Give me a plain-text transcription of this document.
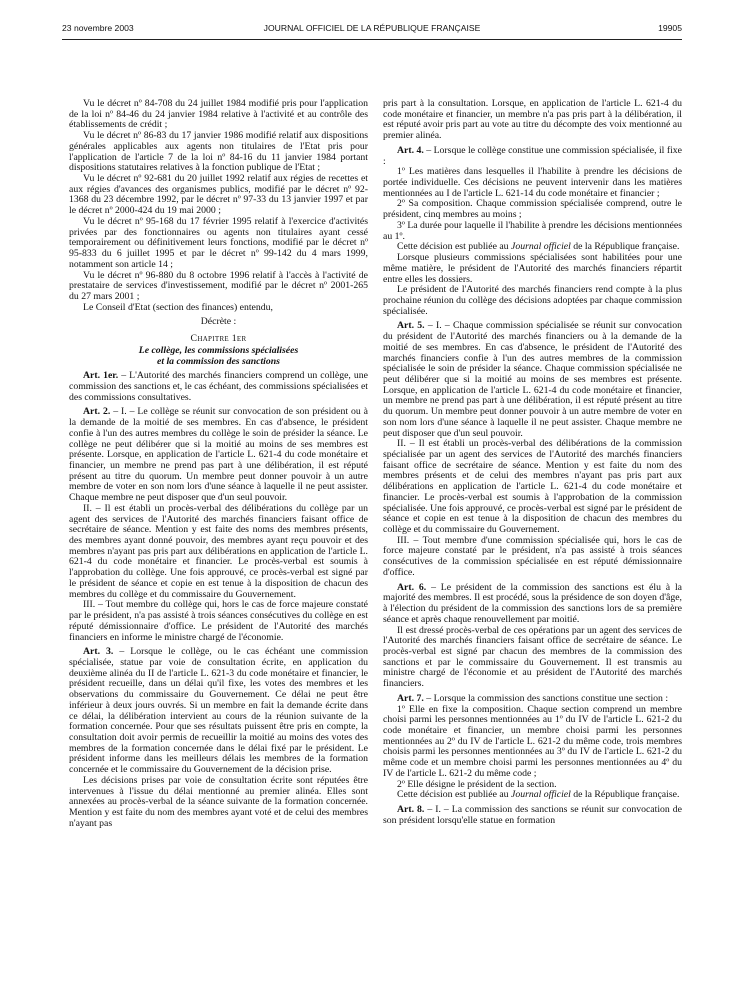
23 novembre 2003	JOURNAL OFFICIEL DE LA RÉPUBLIQUE FRANÇAISE	19905

Vu le décret nº 84-708 du 24 juillet 1984 modifié pris pour l'application de la loi nº 84-46 du 24 janvier 1984 relative à l'activité et au contrôle des établissements de crédit ;

Vu le décret nº 86-83 du 17 janvier 1986 modifié relatif aux dispositions générales applicables aux agents non titulaires de l'Etat pris pour l'application de l'article 7 de la loi nº 84-16 du 11 janvier 1984 portant dispositions statutaires relatives à la fonction publique de l'Etat ;

Vu le décret nº 92-681 du 20 juillet 1992 relatif aux régies de recettes et aux régies d'avances des organismes publics, modifié par le décret nº 92-1368 du 23 décembre 1992, par le décret nº 97-33 du 13 janvier 1997 et par le décret nº 2000-424 du 19 mai 2000 ;

Vu le décret nº 95-168 du 17 février 1995 relatif à l'exercice d'activités privées par des fonctionnaires ou agents non titulaires ayant cessé temporairement ou définitivement leurs fonctions, modifié par le décret nº 95-833 du 6 juillet 1995 et par le décret nº 99-142 du 4 mars 1999, notamment son article 14 ;

Vu le décret nº 96-880 du 8 octobre 1996 relatif à l'accès à l'activité de prestataire de services d'investissement, modifié par le décret nº 2001-265 du 27 mars 2001 ;

Le Conseil d'Etat (section des finances) entendu,

Décrète :

Chapitre 1er

Le collège, les commissions spécialisées
et la commission des sanctions

Art. 1er. – L'Autorité des marchés financiers comprend un collège, une commission des sanctions et, le cas échéant, des commissions spécialisées et des commissions consultatives.

Art. 2. – I. – Le collège se réunit sur convocation de son président ou à la demande de la moitié de ses membres. En cas d'absence, le président confie à l'un des autres membres du collège le soin de présider la séance. Le collège ne peut délibérer que si la moitié au moins de ses membres est présente. Lorsque, en application de l'article L. 621-4 du code monétaire et financier, un membre ne prend pas part à une délibération, il est réputé présent au titre du quorum. Un membre peut donner pouvoir à un autre membre de voter en son nom lors d'une séance à laquelle il ne peut assister. Chaque membre ne peut disposer que d'un seul pouvoir.

II. – Il est établi un procès-verbal des délibérations du collège par un agent des services de l'Autorité des marchés financiers faisant office de secrétaire de séance. Mention y est faite des noms des membres présents, des membres ayant donné pouvoir, des membres ayant reçu pouvoir et des membres n'ayant pas pris part aux délibérations en application de l'article L. 621-4 du code monétaire et financier. Le procès-verbal est soumis à l'approbation du collège. Une fois approuvé, ce procès-verbal est signé par le président de séance et copie en est tenue à la disposition de chacun des membres du collège et du commissaire du Gouvernement.

III. – Tout membre du collège qui, hors le cas de force majeure constaté par le président, n'a pas assisté à trois séances consécutives du collège en est réputé démissionnaire d'office. Le président de l'Autorité des marchés financiers en informe le ministre chargé de l'économie.

Art. 3. – Lorsque le collège, ou le cas échéant une commission spécialisée, statue par voie de consultation écrite, en application du deuxième alinéa du II de l'article L. 621-3 du code monétaire et financier, le président recueille, dans un délai qu'il fixe, les votes des membres et les observations du commissaire du Gouvernement. Ce délai ne peut être inférieur à deux jours ouvrés. Si un membre en fait la demande écrite dans ce délai, la délibération intervient au cours de la réunion suivante de la formation concernée. Pour que ses résultats puissent être pris en compte, la consultation doit avoir permis de recueillir la moitié au moins des votes des membres de la formation concernée dans le délai fixé par le président. Le président informe dans les meilleurs délais les membres de la formation concernée et le commissaire du Gouvernement de la décision prise.

Les décisions prises par voie de consultation écrite sont réputées être intervenues à l'issue du délai mentionné au premier alinéa. Elles sont annexées au procès-verbal de la séance suivante de la formation concernée. Mention y est faite du nom des membres ayant voté et de celui des membres n'ayant pas

pris part à la consultation. Lorsque, en application de l'article L. 621-4 du code monétaire et financier, un membre n'a pas pris part à la délibération, il est réputé avoir pris part au vote au titre du décompte des voix mentionné au premier alinéa.

Art. 4. – Lorsque le collège constitue une commission spécialisée, il fixe :

1º Les matières dans lesquelles il l'habilite à prendre les décisions de portée individuelle. Ces décisions ne peuvent intervenir dans les matières mentionnées au I de l'article L. 621-14 du code monétaire et financier ;

2º Sa composition. Chaque commission spécialisée comprend, outre le président, cinq membres au moins ;

3º La durée pour laquelle il l'habilite à prendre les décisions mentionnées au 1º.

Cette décision est publiée au Journal officiel de la République française.

Lorsque plusieurs commissions spécialisées sont habilitées pour une même matière, le président de l'Autorité des marchés financiers répartit entre elles les dossiers.

Le président de l'Autorité des marchés financiers rend compte à la plus prochaine réunion du collège des décisions adoptées par chaque commission spécialisée.

Art. 5. – I. – Chaque commission spécialisée se réunit sur convocation du président de l'Autorité des marchés financiers ou à la demande de la moitié de ses membres. En cas d'absence, le président de l'Autorité des marchés financiers confie à l'un des autres membres de la commission spécialisée le soin de présider la séance. Chaque commission spécialisée ne peut délibérer que si la moitié au moins de ses membres est présente. Lorsque, en application de l'article L. 621-4 du code monétaire et financier, un membre ne prend pas part à une délibération, il est réputé présent au titre du quorum. Un membre peut donner pouvoir à un autre membre de voter en son nom lors d'une séance à laquelle il ne peut assister. Chaque membre ne peut disposer que d'un seul pouvoir.

II. – Il est établi un procès-verbal des délibérations de la commission spécialisée par un agent des services de l'Autorité des marchés financiers faisant office de secrétaire de séance. Mention y est faite du nom des membres présents et de celui des membres n'ayant pas pris part aux délibérations en application de l'article L. 621-4 du code monétaire et financier. Le procès-verbal est soumis à l'approbation de la commission spécialisée. Une fois approuvé, ce procès-verbal est signé par le président de séance et copie en est tenue à la disposition de chacun des membres du collège et du commissaire du Gouvernement.

III. – Tout membre d'une commission spécialisée qui, hors le cas de force majeure constaté par le président, n'a pas assisté à trois séances consécutives de la commission spécialisée en est réputé démissionnaire d'office.

Art. 6. – Le président de la commission des sanctions est élu à la majorité des membres. Il est procédé, sous la présidence de son doyen d'âge, à l'élection du président de la commission des sanctions lors de sa première séance et après chaque renouvellement par moitié.

Il est dressé procès-verbal de ces opérations par un agent des services de l'Autorité des marchés financiers faisant office de secrétaire de séance. Le procès-verbal est signé par chacun des membres de la commission des sanctions et par le commissaire du Gouvernement. Il est transmis au ministre chargé de l'économie et au président de l'Autorité des marchés financiers.

Art. 7. – Lorsque la commission des sanctions constitue une section :

1º Elle en fixe la composition. Chaque section comprend un membre choisi parmi les personnes mentionnées au 1º du IV de l'article L. 621-2 du code monétaire et financier, un membre choisi parmi les personnes mentionnées au 2º du IV de l'article L. 621-2 du même code, trois membres choisis parmi les personnes mentionnées au 3º du IV de l'article L. 621-2 du même code et un membre choisi parmi les personnes mentionnées au 4º du IV de l'article L. 621-2 du même code ;

2º Elle désigne le président de la section.

Cette décision est publiée au Journal officiel de la République française.

Art. 8. – I. – La commission des sanctions se réunit sur convocation de son président lorsqu'elle statue en formation
